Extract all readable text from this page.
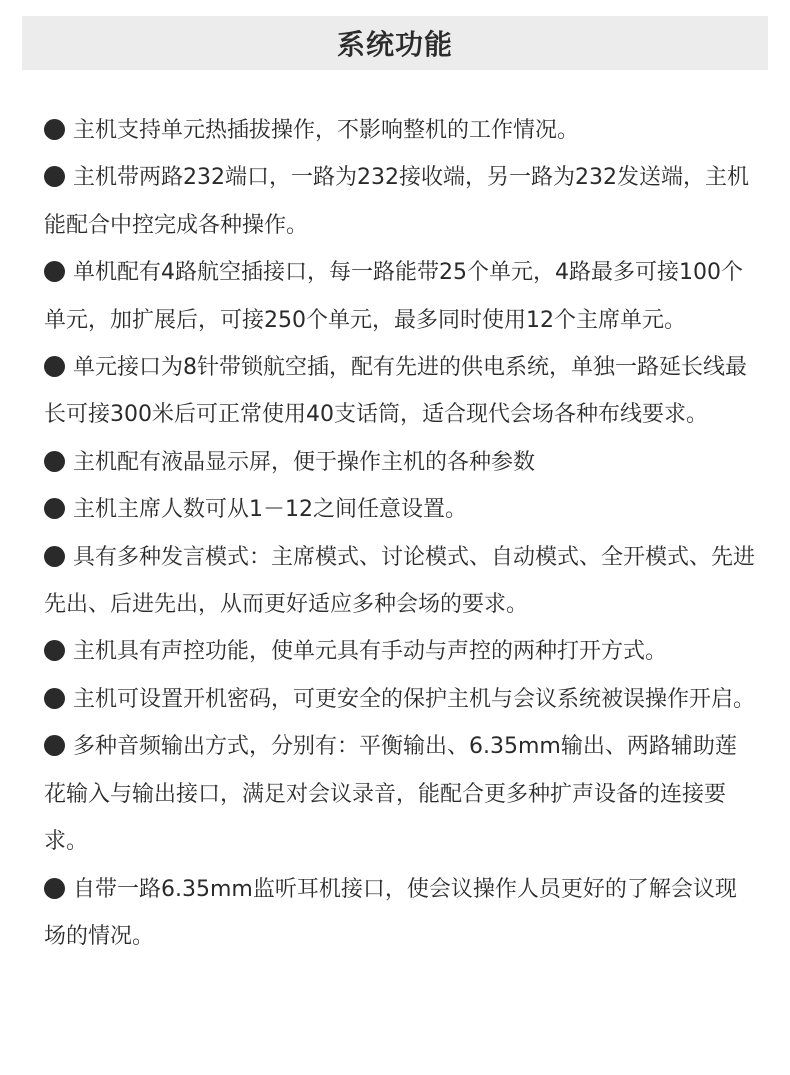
系统功能
主机支持单元热插拔操作，不影响整机的工作情况。
主机带两路232端口，一路为232接收端，另一路为232发送端，主机能配合中控完成各种操作。
单机配有4路航空插接口，每一路能带25个单元，4路最多可接100个单元，加扩展后，可接250个单元，最多同时使用12个主席单元。
单元接口为8针带锁航空插，配有先进的供电系统，单独一路延长线最长可接300米后可正常使用40支话筒，适合现代会场各种布线要求。
主机配有液晶显示屏，便于操作主机的各种参数
主机主席人数可从1－12之间任意设置。
具有多种发言模式：主席模式、讨论模式、自动模式、全开模式、先进先出、后进先出，从而更好适应多种会场的要求。
主机具有声控功能，使单元具有手动与声控的两种打开方式。
主机可设置开机密码，可更安全的保护主机与会议系统被误操作开启。
多种音频输出方式，分别有：平衡输出、6.35mm输出、两路辅助莲花输入与输出接口，满足对会议录音，能配合更多种扩声设备的连接要求。
自带一路6.35mm监听耳机接口，使会议操作人员更好的了解会议现场的情况。
